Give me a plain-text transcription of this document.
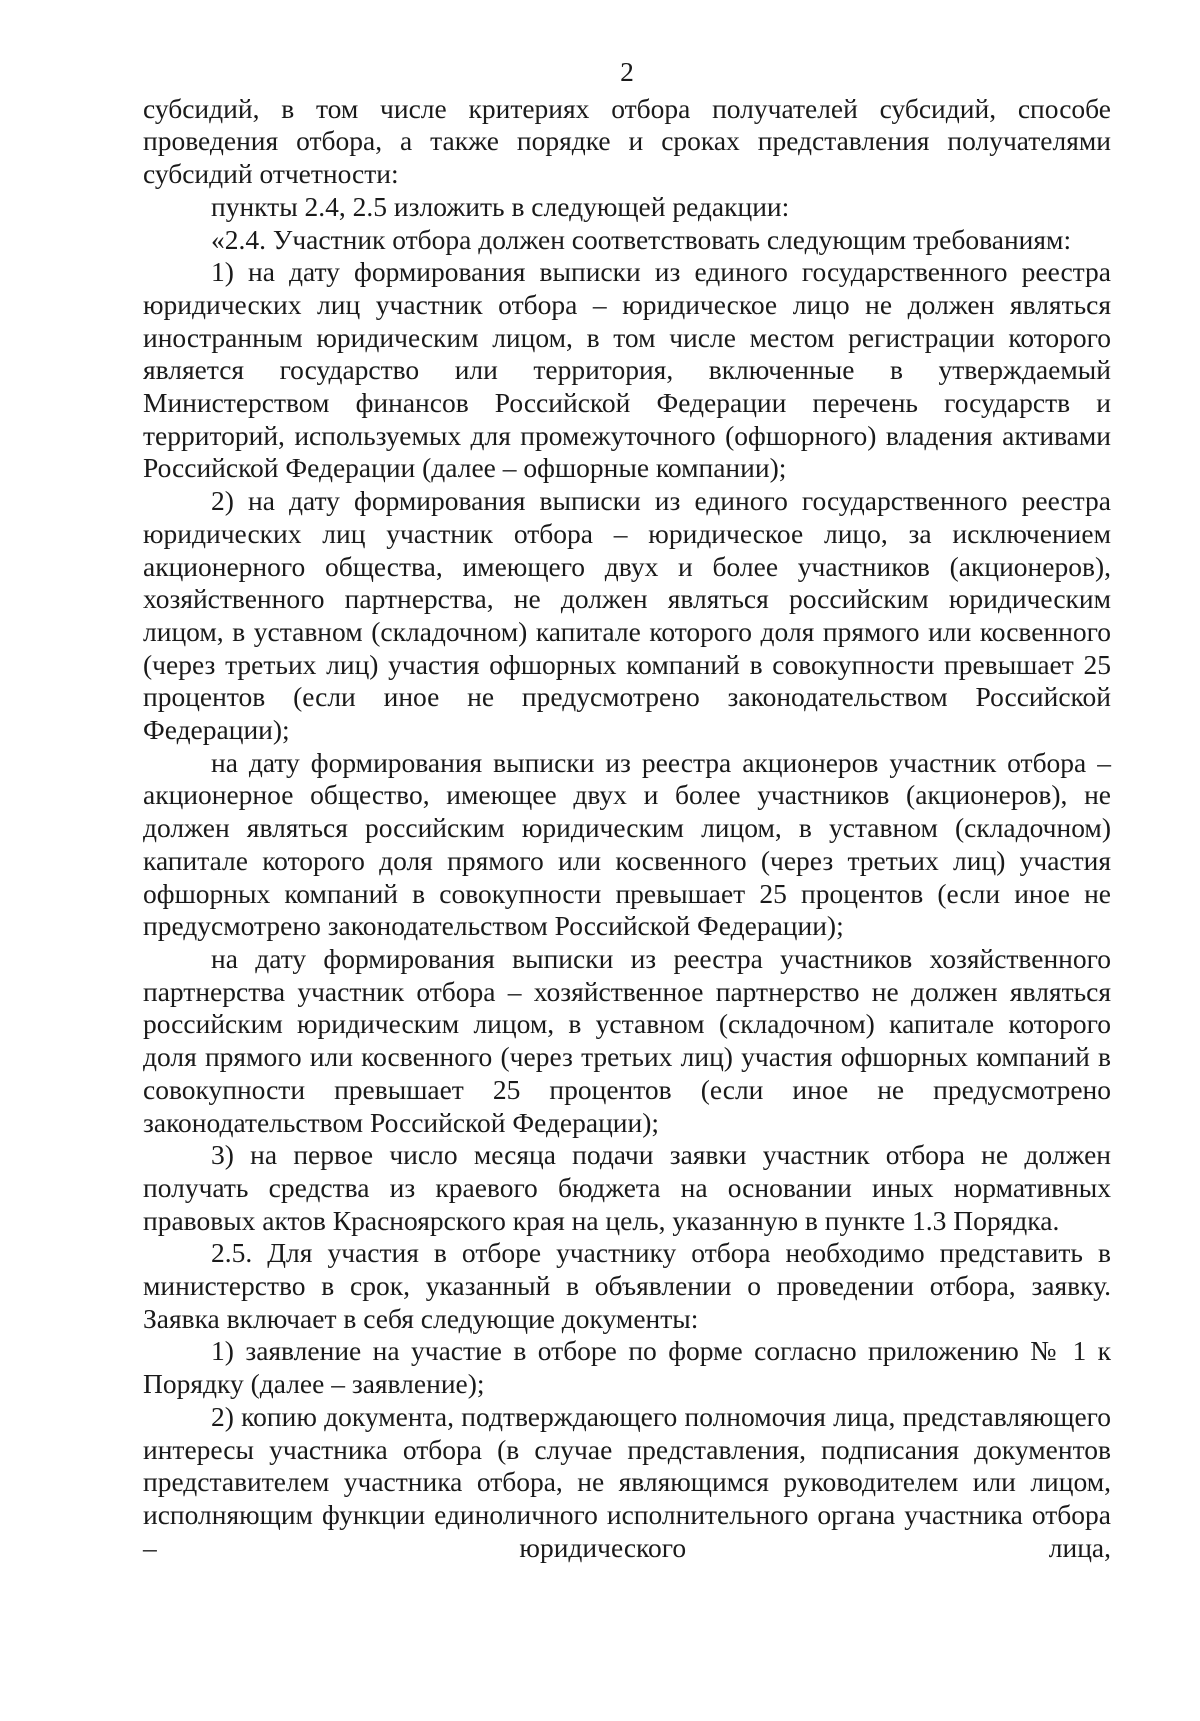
2

субсидий, в том числе критериях отбора получателей субсидий, способе проведения отбора, а также порядке и сроках представления получателями субсидий отчетности:

пункты 2.4, 2.5 изложить в следующей редакции:

«2.4. Участник отбора должен соответствовать следующим требованиям:

1) на дату формирования выписки из единого государственного реестра юридических лиц участник отбора – юридическое лицо не должен являться иностранным юридическим лицом, в том числе местом регистрации которого является государство или территория, включенные в утверждаемый Министерством финансов Российской Федерации перечень государств и территорий, используемых для промежуточного (офшорного) владения активами Российской Федерации (далее – офшорные компании);

2) на дату формирования выписки из единого государственного реестра юридических лиц участник отбора – юридическое лицо, за исключением акционерного общества, имеющего двух и более участников (акционеров), хозяйственного партнерства, не должен являться российским юридическим лицом, в уставном (складочном) капитале которого доля прямого или косвенного (через третьих лиц) участия офшорных компаний в совокупности превышает 25 процентов (если иное не предусмотрено законодательством Российской Федерации);

на дату формирования выписки из реестра акционеров участник отбора – акционерное общество, имеющее двух и более участников (акционеров), не должен являться российским юридическим лицом, в уставном (складочном) капитале которого доля прямого или косвенного (через третьих лиц) участия офшорных компаний в совокупности превышает 25 процентов (если иное не предусмотрено законодательством Российской Федерации);

на дату формирования выписки из реестра участников хозяйственного партнерства участник отбора – хозяйственное партнерство не должен являться российским юридическим лицом, в уставном (складочном) капитале которого доля прямого или косвенного (через третьих лиц) участия офшорных компаний в совокупности превышает 25 процентов (если иное не предусмотрено законодательством Российской Федерации);

3) на первое число месяца подачи заявки участник отбора не должен получать средства из краевого бюджета на основании иных нормативных правовых актов Красноярского края на цель, указанную в пункте 1.3 Порядка.

2.5. Для участия в отборе участнику отбора необходимо представить в министерство в срок, указанный в объявлении о проведении отбора, заявку. Заявка включает в себя следующие документы:

1) заявление на участие в отборе по форме согласно приложению № 1 к Порядку (далее – заявление);

2) копию документа, подтверждающего полномочия лица, представляющего интересы участника отбора (в случае представления, подписания документов представителем участника отбора, не являющимся руководителем или лицом, исполняющим функции единоличного исполнительного органа участника отбора – юридического лица,
